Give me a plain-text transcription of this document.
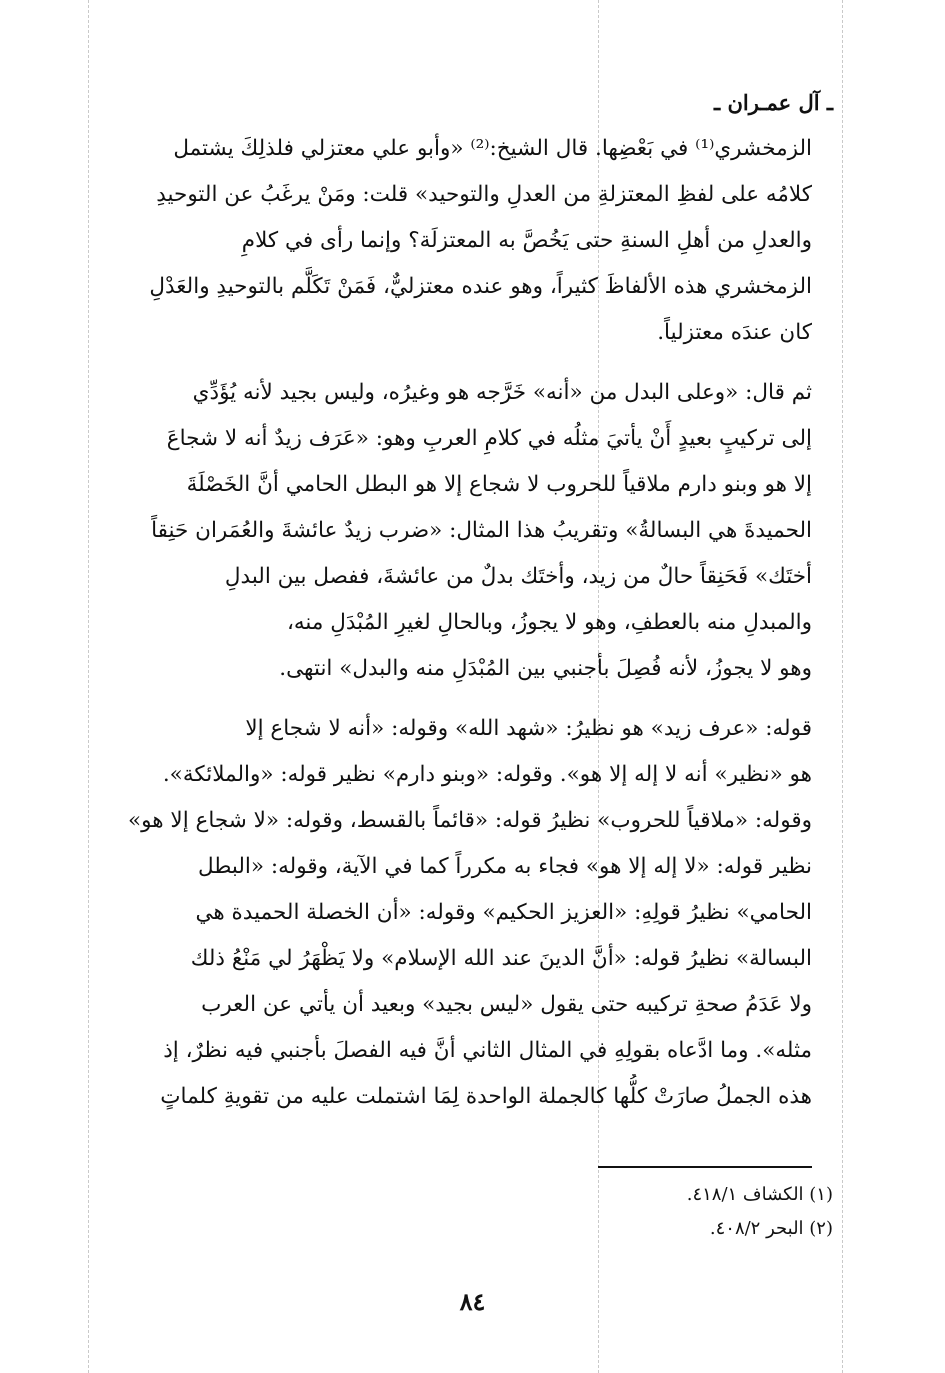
ـ آل عمـران ـ
الزمخشري⁽¹⁾ في بَعْضِها. قال الشيخ:⁽²⁾ «وأبو علي معتزلي فلذلِكَ يشتمل
كلامُه على لفظِ المعتزلةِ من العدلِ والتوحيد» قلت: ومَنْ يرغَبُ عن التوحيدِ
والعدلِ من أهلِ السنةِ حتى يَخُصَّ به المعتزلَة؟ وإنما رأى في كلامِ
الزمخشري هذه الألفاظَ كثيراً، وهو عنده معتزليٌّ، فَمَنْ تَكَلَّم بالتوحيدِ والعَدْلِ
كان عندَه معتزلياً.
ثم قال: «وعلى البدل من «أنه» خَرَّجه هو وغيرُه، وليس بجيد لأنه يُؤَدِّي
إلى تركيبٍ بعيدٍ أَنْ يأتيَ مثلُه في كلامِ العربِ وهو: «عَرَف زيدٌ أنه لا شجاعَ
إلا هو وبنو دارم ملاقياً للحروب لا شجاع إلا هو البطل الحامي أنَّ الخَصْلَةَ
الحميدةَ هي البسالةُ» وتقريبُ هذا المثال: «ضرب زيدٌ عائشةَ والعُمَران حَنِقاً
أختَك» فَحَنِقاً حالٌ من زيد، وأختَك بدلٌ من عائشةَ، ففصل بين البدلِ
والمبدلِ منه بالعطفِ، وهو لا يجوزُ، وبالحالِ لغيرِ المُبْدَلِ منه،
وهو لا يجوزُ، لأنه فُصِلَ بأجنبي بين المُبْدَلِ منه والبدل» انتهى.
قوله: «عرف زيد» هو نظيرُ: «شهد الله» وقوله: «أنه لا شجاع إلا
هو «نظير» أنه لا إله إلا هو». وقوله: «وبنو دارم» نظير قوله: «والملائكة».
وقوله: «ملاقياً للحروب» نظيرُ قوله: «قائماً بالقسط، وقوله: «لا شجاع إلا هو»
نظير قوله: «لا إله إلا هو» فجاء به مكرراً كما في الآية، وقوله: «البطل
الحامي» نظيرُ قولِهِ: «العزيز الحكيم» وقوله: «أن الخصلة الحميدة هي
البسالة» نظيرُ قوله: «أنَّ الدينَ عند الله الإسلام» ولا يَظْهَرُ لي مَنْعُ ذلك
ولا عَدَمُ صحةِ تركيبه حتى يقول «ليس بجيد» وبعيد أن يأتي عن العرب
مثله». وما ادَّعاه بقولِهِ في المثال الثاني أنَّ فيه الفصلَ بأجنبي فيه نظرٌ، إذ
هذه الجملُ صارَتْ كلُّها كالجملة الواحدة لِمَا اشتملت عليه من تقويةِ كلماتٍ
(١) الكشاف ٤١٨/١.
(٢) البحر ٤٠٨/٢.
٨٤
